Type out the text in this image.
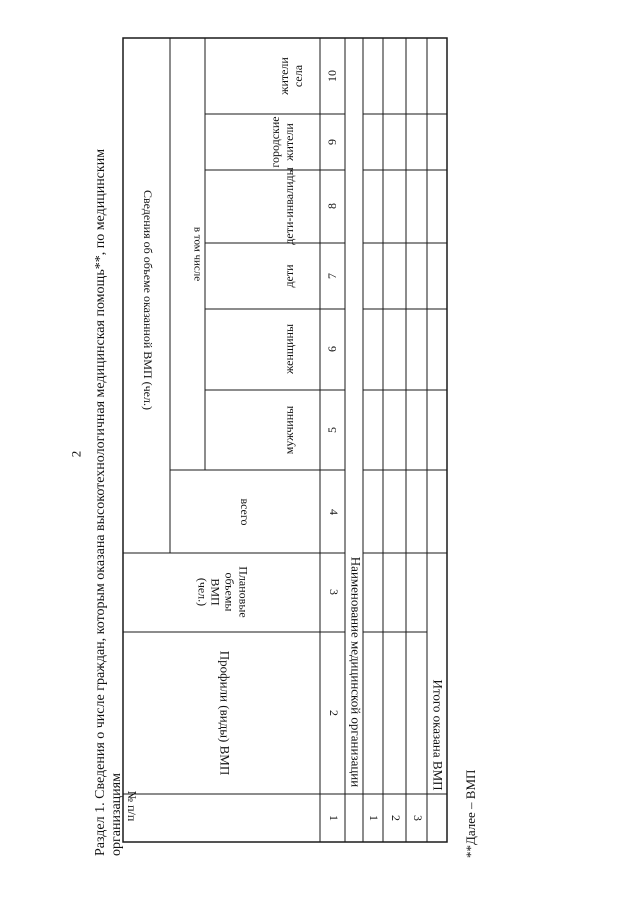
2 Раздел 1. Сведения о числе граждан, которым оказана высокотехнологичная медицинская помощь**, по медицинским организациям № п/п
Профили (виды) ВМП
Плановые
объемы
ВМП
(чел.)
Сведения об объеме оказанной ВМП (чел.)
всего
в том числе
мужчины
женщины
дети
дети-инвалиды
городские жители
жители села
1
2
3
4
5
6
7
8
9
10
Наименование медицинской организации
1 2 3
Итого оказана ВМП
**Далее – ВМП
